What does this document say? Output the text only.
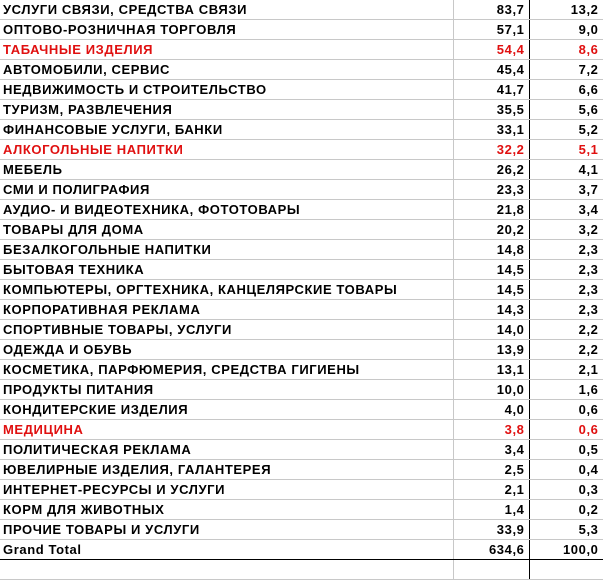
УСЛУГИ СВЯЗИ, СРЕДСТВА СВЯЗИ	83,7	13,2
ОПТОВО-РОЗНИЧНАЯ ТОРГОВЛЯ	57,1	9,0
ТАБАЧНЫЕ ИЗДЕЛИЯ	54,4	8,6
АВТОМОБИЛИ, СЕРВИС	45,4	7,2
НЕДВИЖИМОСТЬ И СТРОИТЕЛЬСТВО	41,7	6,6
ТУРИЗМ, РАЗВЛЕЧЕНИЯ	35,5	5,6
ФИНАНСОВЫЕ УСЛУГИ, БАНКИ	33,1	5,2
АЛКОГОЛЬНЫЕ НАПИТКИ	32,2	5,1
МЕБЕЛЬ	26,2	4,1
СМИ И ПОЛИГРАФИЯ	23,3	3,7
АУДИО- И ВИДЕОТЕХНИКА, ФОТОТОВАРЫ	21,8	3,4
ТОВАРЫ ДЛЯ ДОМА	20,2	3,2
БЕЗАЛКОГОЛЬНЫЕ НАПИТКИ	14,8	2,3
БЫТОВАЯ ТЕХНИКА	14,5	2,3
КОМПЬЮТЕРЫ, ОРГТЕХНИКА, КАНЦЕЛЯРСКИЕ ТОВАРЫ	14,5	2,3
КОРПОРАТИВНАЯ РЕКЛАМА	14,3	2,3
СПОРТИВНЫЕ ТОВАРЫ, УСЛУГИ	14,0	2,2
ОДЕЖДА И ОБУВЬ	13,9	2,2
КОСМЕТИКА, ПАРФЮМЕРИЯ, СРЕДСТВА ГИГИЕНЫ	13,1	2,1
ПРОДУКТЫ ПИТАНИЯ	10,0	1,6
КОНДИТЕРСКИЕ ИЗДЕЛИЯ	4,0	0,6
МЕДИЦИНА	3,8	0,6
ПОЛИТИЧЕСКАЯ РЕКЛАМА	3,4	0,5
ЮВЕЛИРНЫЕ ИЗДЕЛИЯ, ГАЛАНТЕРЕЯ	2,5	0,4
ИНТЕРНЕТ-РЕСУРСЫ И УСЛУГИ	2,1	0,3
КОРМ ДЛЯ ЖИВОТНЫХ	1,4	0,2
ПРОЧИЕ ТОВАРЫ И УСЛУГИ	33,9	5,3
Grand Total	634,6	100,0
